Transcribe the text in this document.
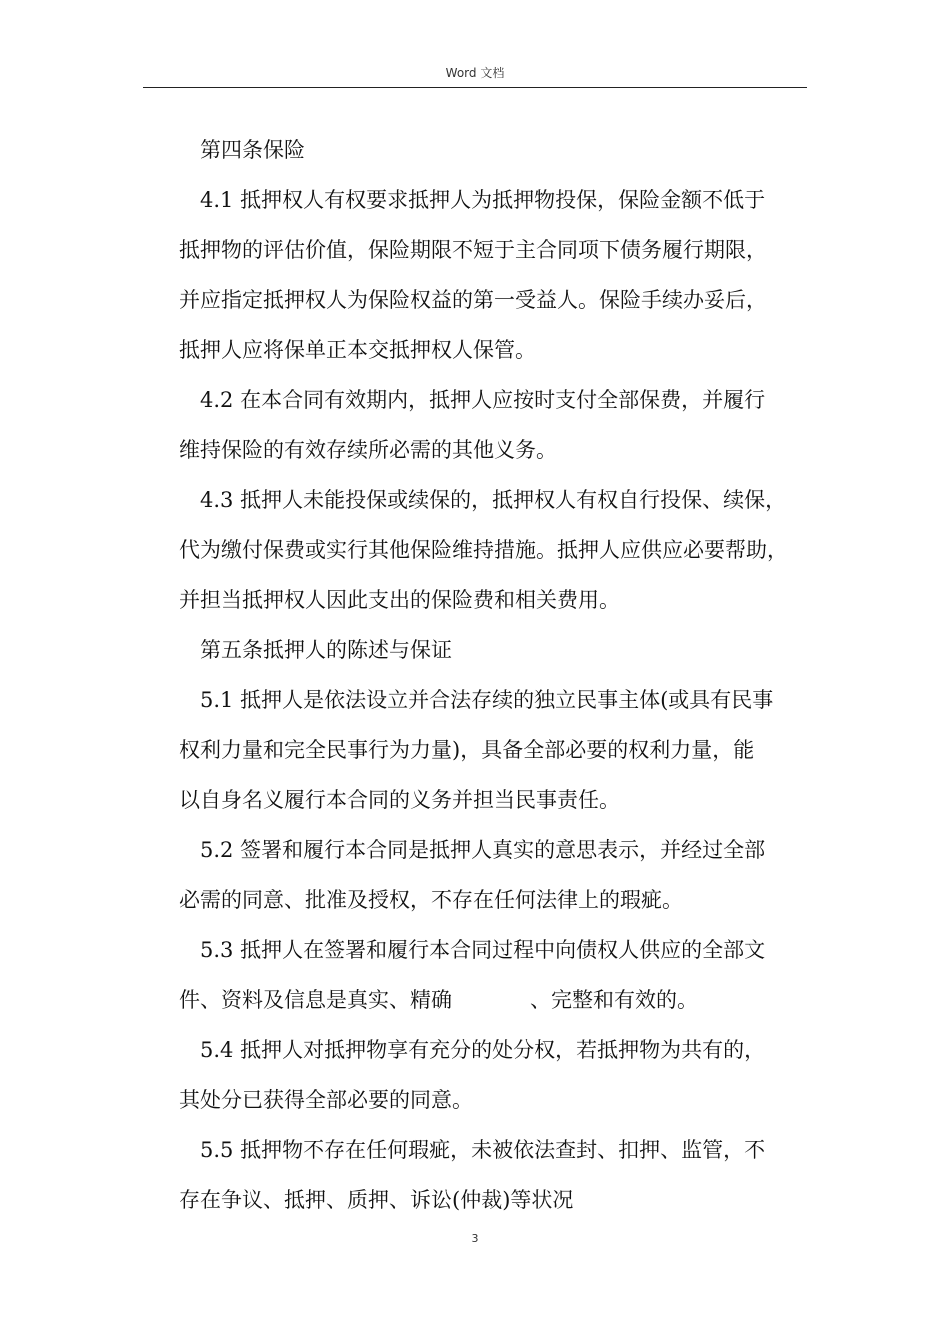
Word 文档
第四条保险
4.1 抵押权人有权要求抵押人为抵押物投保，保险金额不低于
抵押物的评估价值，保险期限不短于主合同项下债务履行期限，
并应指定抵押权人为保险权益的第一受益人。保险手续办妥后，
抵押人应将保单正本交抵押权人保管。
4.2 在本合同有效期内，抵押人应按时支付全部保费，并履行
维持保险的有效存续所必需的其他义务。
4.3 抵押人未能投保或续保的，抵押权人有权自行投保、续保，
代为缴付保费或实行其他保险维持措施。抵押人应供应必要帮助，
并担当抵押权人因此支出的保险费和相关费用。
第五条抵押人的陈述与保证
5.1 抵押人是依法设立并合法存续的独立民事主体(或具有民事
权利力量和完全民事行为力量)，具备全部必要的权利力量，能
以自身名义履行本合同的义务并担当民事责任。
5.2 签署和履行本合同是抵押人真实的意思表示，并经过全部
必需的同意、批准及授权，不存在任何法律上的瑕疵。
5.3 抵押人在签署和履行本合同过程中向债权人供应的全部文
件、资料及信息是真实、精确	、完整和有效的。
5.4 抵押人对抵押物享有充分的处分权，若抵押物为共有的，
其处分已获得全部必要的同意。
5.5 抵押物不存在任何瑕疵，未被依法查封、扣押、监管，不
存在争议、抵押、质押、诉讼(仲裁)等状况
3
